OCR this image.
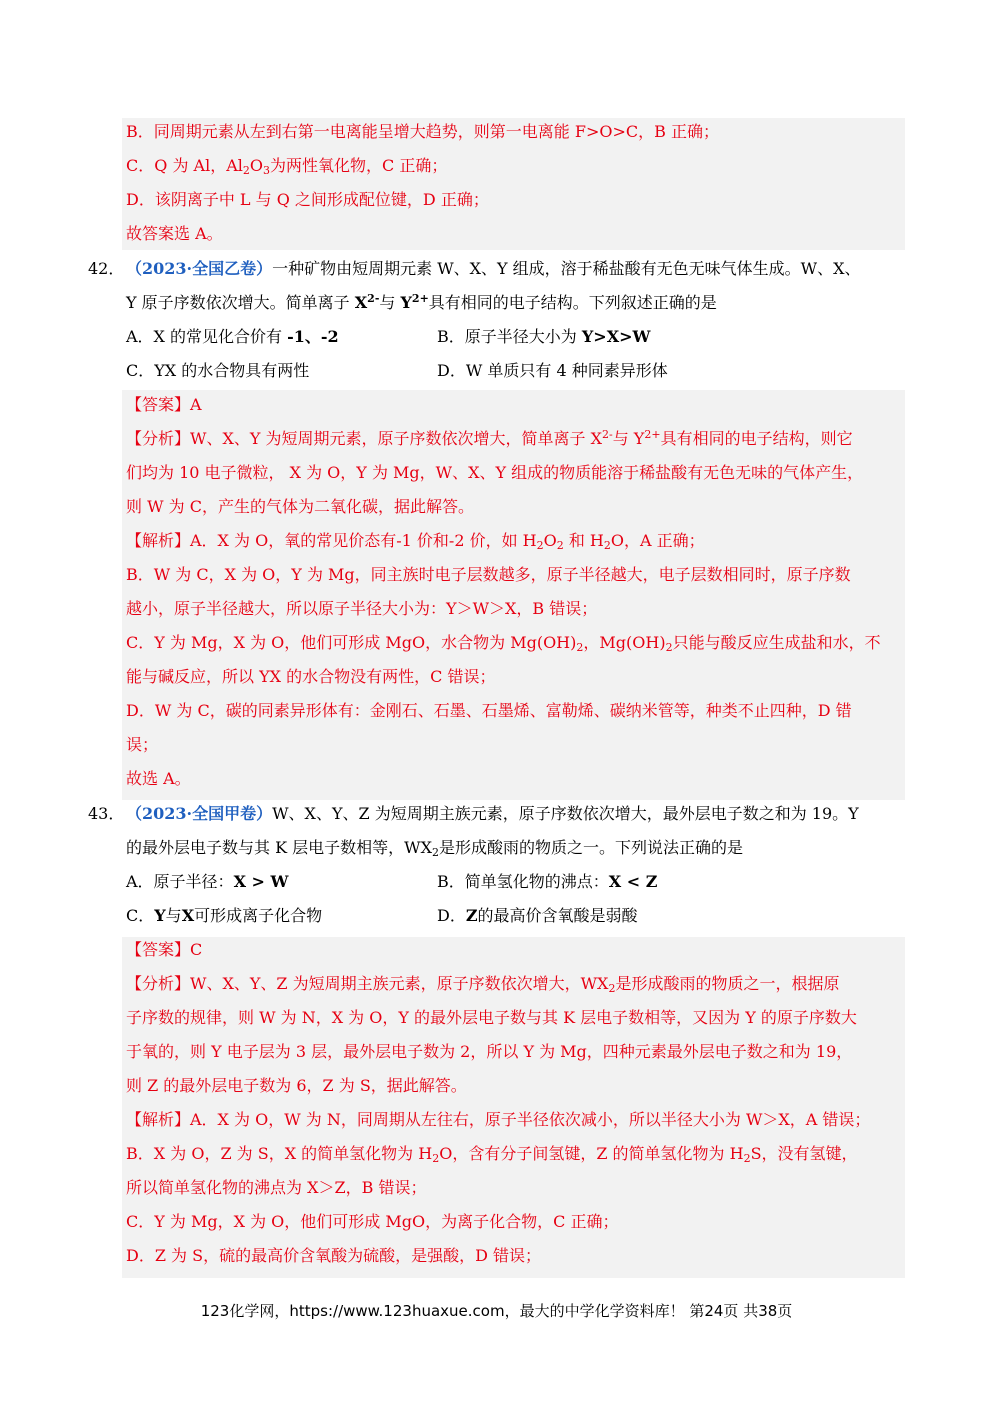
B．同周期元素从左到右第一电离能呈增大趋势，则第一电离能 F>O>C，B 正确；
C．Q 为 Al，$Al_2O_3$为两性氧化物，C 正确；
D．该阴离子中 L 与 Q 之间形成配位键，D 正确；
故答案选 A。
42． （2023·全国乙卷）一种矿物由短周期元素 W、X、Y 组成，溶于稀盐酸有无色无味气体生成。W、X、
Y 原子序数依次增大。简单离子 $X^{2-}$与 $Y^{2+}$具有相同的电子结构。下列叙述正确的是
A．X 的常见化合价有 -1、-2	B．原子半径大小为 Y>X>W
C．YX 的水合物具有两性	D．W 单质只有 4 种同素异形体
【答案】A
【分析】W、X、Y 为短周期元素，原子序数依次增大，简单离子 $X^{2-}$与 $Y^{2+}$具有相同的电子结构，则它
们均为 10 电子微粒， X 为 O，Y 为 Mg，W、X、Y 组成的物质能溶于稀盐酸有无色无味的气体产生，
则 W 为 C，产生的气体为二氧化碳，据此解答。
【解析】A．X 为 O，氧的常见价态有-1 价和-2 价，如 $H_2O_2$ 和 $H_2O$，A 正确；
B．W 为 C，X 为 O，Y 为 Mg，同主族时电子层数越多，原子半径越大，电子层数相同时，原子序数
越小，原子半径越大，所以原子半径大小为：Y＞W＞X，B 错误；
C．Y 为 Mg，X 为 O，他们可形成 MgO，水合物为 $Mg(OH)_2$，$Mg(OH)_2$只能与酸反应生成盐和水，不
能与碱反应，所以 YX 的水合物没有两性，C 错误；
D．W 为 C，碳的同素异形体有：金刚石、石墨、石墨烯、富勒烯、碳纳米管等，种类不止四种，D 错
误；
故选 A。
43． （2023·全国甲卷）W、X、Y、Z 为短周期主族元素，原子序数依次增大，最外层电子数之和为 19。Y
的最外层电子数与其 K 层电子数相等，$WX_2$是形成酸雨的物质之一。下列说法正确的是
A．原子半径：X > W	B．简单氢化物的沸点：X < Z
C．Y与X可形成离子化合物	D．Z的最高价含氧酸是弱酸
【答案】C
【分析】W、X、Y、Z 为短周期主族元素，原子序数依次增大，$WX_2$是形成酸雨的物质之一，根据原
子序数的规律，则 W 为 N，X 为 O，Y 的最外层电子数与其 K 层电子数相等，又因为 Y 的原子序数大
于氧的，则 Y 电子层为 3 层，最外层电子数为 2，所以 Y 为 Mg，四种元素最外层电子数之和为 19，
则 Z 的最外层电子数为 6，Z 为 S，据此解答。
【解析】A．X 为 O，W 为 N，同周期从左往右，原子半径依次减小，所以半径大小为 W＞X，A 错误；
B．X 为 O，Z 为 S，X 的简单氢化物为 $H_2O$，含有分子间氢键，Z 的简单氢化物为 $H_2S$，没有氢键，
所以简单氢化物的沸点为 X＞Z，B 错误；
C．Y 为 Mg，X 为 O，他们可形成 MgO，为离子化合物，C 正确；
D．Z 为 S，硫的最高价含氧酸为硫酸，是强酸，D 错误；
123化学网，https://www.123huaxue.com，最大的中学化学资料库！ 第24页 共38页
